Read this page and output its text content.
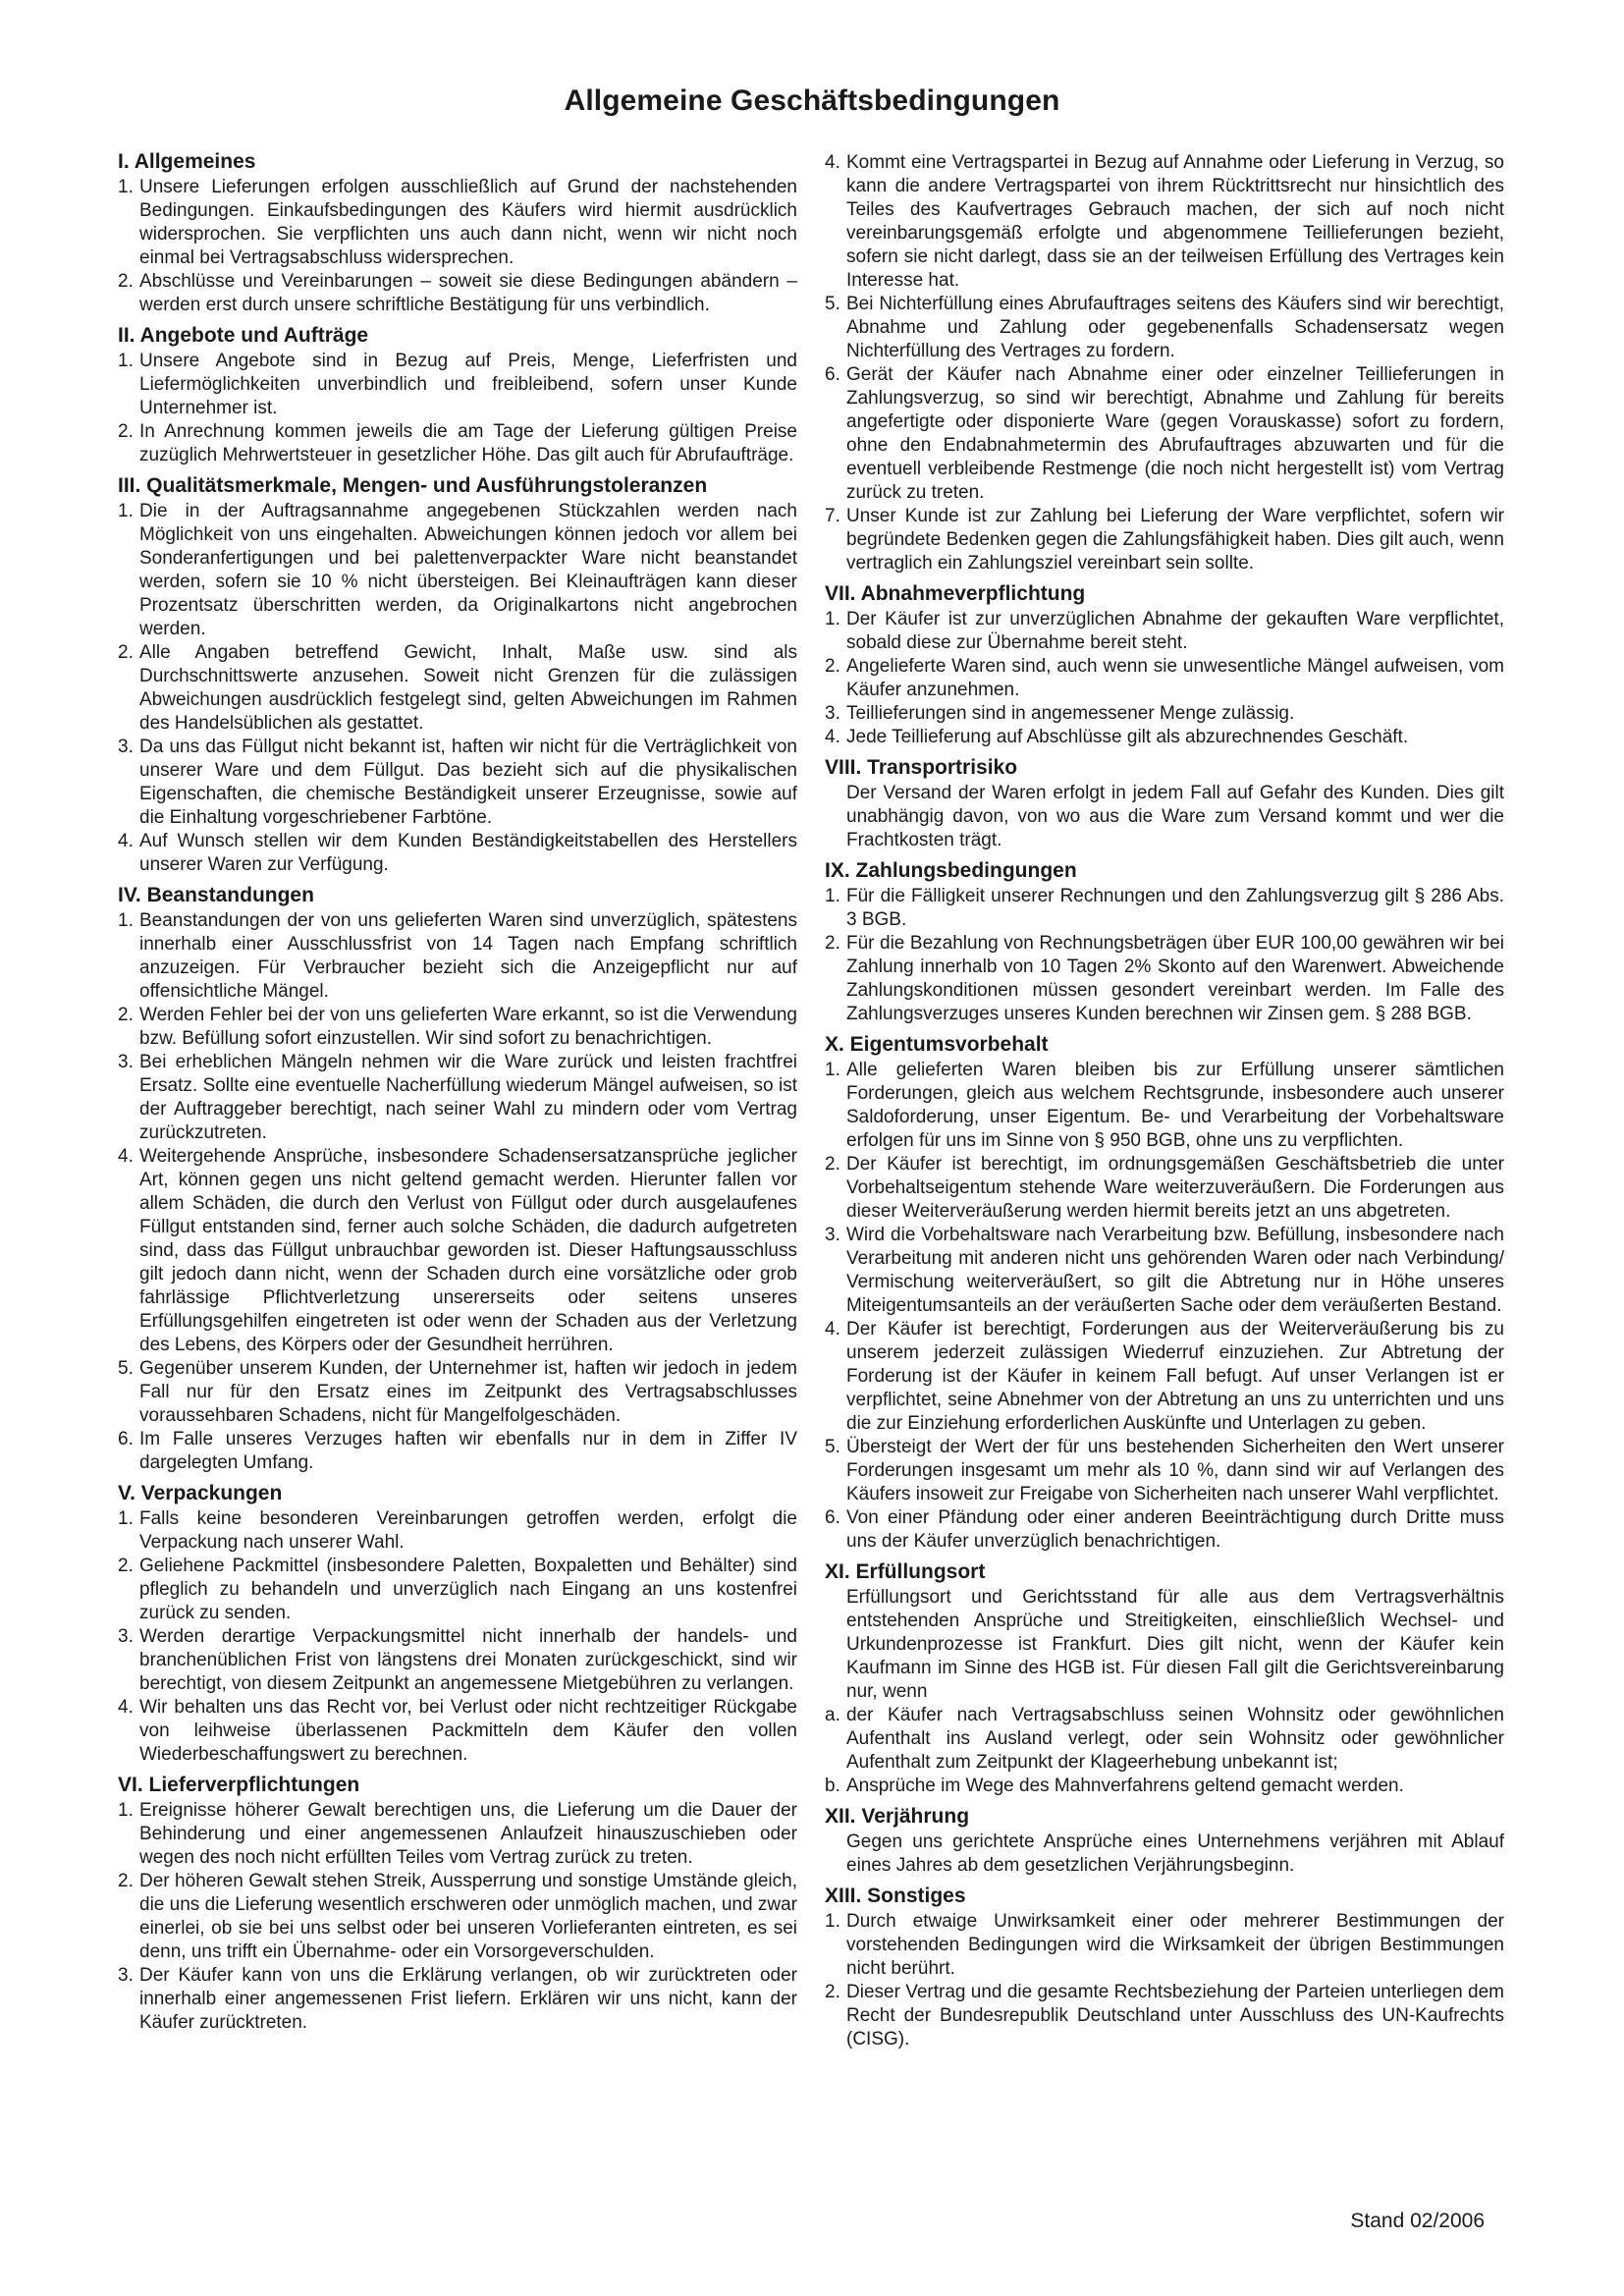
Allgemeine Geschäftsbedingungen
I. Allgemeines
1. Unsere Lieferungen erfolgen ausschließlich auf Grund der nachstehenden Bedingungen. Einkaufsbedingungen des Käufers wird hiermit ausdrücklich widersprochen. Sie verpflichten uns auch dann nicht, wenn wir nicht noch einmal bei Vertragsabschluss widersprechen.
2. Abschlüsse und Vereinbarungen – soweit sie diese Bedingungen abändern – werden erst durch unsere schriftliche Bestätigung für uns verbindlich.
II. Angebote und Aufträge
1. Unsere Angebote sind in Bezug auf Preis, Menge, Lieferfristen und Liefermöglichkeiten unverbindlich und freibleibend, sofern unser Kunde Unternehmer ist.
2. In Anrechnung kommen jeweils die am Tage der Lieferung gültigen Preise zuzüglich Mehrwertsteuer in gesetzlicher Höhe. Das gilt auch für Abrufaufträge.
III. Qualitätsmerkmale, Mengen- und Ausführungstoleranzen
1. Die in der Auftragsannahme angegebenen Stückzahlen werden nach Möglichkeit von uns eingehalten. Abweichungen können jedoch vor allem bei Sonderanfertigungen und bei palettenverpackter Ware nicht beanstandet werden, sofern sie 10 % nicht übersteigen. Bei Kleinaufträgen kann dieser Prozentsatz überschritten werden, da Originalkartons nicht angebrochen werden.
2. Alle Angaben betreffend Gewicht, Inhalt, Maße usw. sind als Durchschnittswerte anzusehen. Soweit nicht Grenzen für die zulässigen Abweichungen ausdrücklich festgelegt sind, gelten Abweichungen im Rahmen des Handelsüblichen als gestattet.
3. Da uns das Füllgut nicht bekannt ist, haften wir nicht für die Verträglichkeit von unserer Ware und dem Füllgut. Das bezieht sich auf die physikalischen Eigenschaften, die chemische Beständigkeit unserer Erzeugnisse, sowie auf die Einhaltung vorgeschriebener Farbtöne.
4. Auf Wunsch stellen wir dem Kunden Beständigkeitstabellen des Herstellers unserer Waren zur Verfügung.
IV. Beanstandungen
1. Beanstandungen der von uns gelieferten Waren sind unverzüglich, spätestens innerhalb einer Ausschlussfrist von 14 Tagen nach Empfang schriftlich anzuzeigen. Für Verbraucher bezieht sich die Anzeigepflicht nur auf offensichtliche Mängel.
2. Werden Fehler bei der von uns gelieferten Ware erkannt, so ist die Verwendung bzw. Befüllung sofort einzustellen. Wir sind sofort zu benachrichtigen.
3. Bei erheblichen Mängeln nehmen wir die Ware zurück und leisten frachtfrei Ersatz. Sollte eine eventuelle Nacherfüllung wiederum Mängel aufweisen, so ist der Auftraggeber berechtigt, nach seiner Wahl zu mindern oder vom Vertrag zurückzutreten.
4. Weitergehende Ansprüche, insbesondere Schadensersatzansprüche jeglicher Art, können gegen uns nicht geltend gemacht werden. Hierunter fallen vor allem Schäden, die durch den Verlust von Füllgut oder durch ausgelaufenes Füllgut entstanden sind, ferner auch solche Schäden, die dadurch aufgetreten sind, dass das Füllgut unbrauchbar geworden ist. Dieser Haftungsausschluss gilt jedoch dann nicht, wenn der Schaden durch eine vorsätzliche oder grob fahrlässige Pflichtverletzung unsererseits oder seitens unseres Erfüllungsgehilfen eingetreten ist oder wenn der Schaden aus der Verletzung des Lebens, des Körpers oder der Gesundheit herrühren.
5. Gegenüber unserem Kunden, der Unternehmer ist, haften wir jedoch in jedem Fall nur für den Ersatz eines im Zeitpunkt des Vertragsabschlusses voraussehbaren Schadens, nicht für Mangelfolgeschäden.
6. Im Falle unseres Verzuges haften wir ebenfalls nur in dem in Ziffer IV dargelegten Umfang.
V. Verpackungen
1. Falls keine besonderen Vereinbarungen getroffen werden, erfolgt die Verpackung nach unserer Wahl.
2. Geliehene Packmittel (insbesondere Paletten, Boxpaletten und Behälter) sind pfleglich zu behandeln und unverzüglich nach Eingang an uns kostenfrei zurück zu senden.
3. Werden derartige Verpackungsmittel nicht innerhalb der handels- und branchenüblichen Frist von längstens drei Monaten zurückgeschickt, sind wir berechtigt, von diesem Zeitpunkt an angemessene Mietgebühren zu verlangen.
4. Wir behalten uns das Recht vor, bei Verlust oder nicht rechtzeitiger Rückgabe von leihweise überlassenen Packmitteln dem Käufer den vollen Wiederbeschaffungswert zu berechnen.
VI. Lieferverpflichtungen
1. Ereignisse höherer Gewalt berechtigen uns, die Lieferung um die Dauer der Behinderung und einer angemessenen Anlaufzeit hinauszuschieben oder wegen des noch nicht erfüllten Teiles vom Vertrag zurück zu treten.
2. Der höheren Gewalt stehen Streik, Aussperrung und sonstige Umstände gleich, die uns die Lieferung wesentlich erschweren oder unmöglich machen, und zwar einerlei, ob sie bei uns selbst oder bei unseren Vorlieferanten eintreten, es sei denn, uns trifft ein Übernahme- oder ein Vorsorgeverschulden.
3. Der Käufer kann von uns die Erklärung verlangen, ob wir zurücktreten oder innerhalb einer angemessenen Frist liefern. Erklären wir uns nicht, kann der Käufer zurücktreten.
4. Kommt eine Vertragspartei in Bezug auf Annahme oder Lieferung in Verzug, so kann die andere Vertragspartei von ihrem Rücktrittsrecht nur hinsichtlich des Teiles des Kaufvertrages Gebrauch machen, der sich auf noch nicht vereinbarungsgemäß erfolgte und abgenommene Teillieferungen bezieht, sofern sie nicht darlegt, dass sie an der teilweisen Erfüllung des Vertrages kein Interesse hat.
5. Bei Nichterfüllung eines Abrufauftrages seitens des Käufers sind wir berechtigt, Abnahme und Zahlung oder gegebenenfalls Schadensersatz wegen Nichterfüllung des Vertrages zu fordern.
6. Gerät der Käufer nach Abnahme einer oder einzelner Teillieferungen in Zahlungsverzug, so sind wir berechtigt, Abnahme und Zahlung für bereits angefertigte oder disponierte Ware (gegen Vorauskasse) sofort zu fordern, ohne den Endabnahmetermin des Abrufauftrages abzuwarten und für die eventuell verbleibende Restmenge (die noch nicht hergestellt ist) vom Vertrag zurück zu treten.
7. Unser Kunde ist zur Zahlung bei Lieferung der Ware verpflichtet, sofern wir begründete Bedenken gegen die Zahlungsfähigkeit haben. Dies gilt auch, wenn vertraglich ein Zahlungsziel vereinbart sein sollte.
VII. Abnahmeverpflichtung
1. Der Käufer ist zur unverzüglichen Abnahme der gekauften Ware verpflichtet, sobald diese zur Übernahme bereit steht.
2. Angelieferte Waren sind, auch wenn sie unwesentliche Mängel aufweisen, vom Käufer anzunehmen.
3. Teillieferungen sind in angemessener Menge zulässig.
4. Jede Teillieferung auf Abschlüsse gilt als abzurechnendes Geschäft.
VIII. Transportrisiko

Der Versand der Waren erfolgt in jedem Fall auf Gefahr des Kunden. Dies gilt unabhängig davon, von wo aus die Ware zum Versand kommt und wer die Frachtkosten trägt.

IX. Zahlungsbedingungen
1. Für die Fälligkeit unserer Rechnungen und den Zahlungsverzug gilt § 286 Abs. 3 BGB.
2. Für die Bezahlung von Rechnungsbeträgen über EUR 100,00 gewähren wir bei Zahlung innerhalb von 10 Tagen 2% Skonto auf den Warenwert. Abweichende Zahlungskonditionen müssen gesondert vereinbart werden. Im Falle des Zahlungsverzuges unseres Kunden berechnen wir Zinsen gem. § 288 BGB.
X. Eigentumsvorbehalt
1. Alle gelieferten Waren bleiben bis zur Erfüllung unserer sämtlichen Forderungen, gleich aus welchem Rechtsgrunde, insbesondere auch unserer Saldoforderung, unser Eigentum. Be- und Verarbeitung der Vorbehaltsware erfolgen für uns im Sinne von § 950 BGB, ohne uns zu verpflichten.
2. Der Käufer ist berechtigt, im ordnungsgemäßen Geschäftsbetrieb die unter Vorbehaltseigentum stehende Ware weiterzuveräußern. Die Forderungen aus dieser Weiterveräußerung werden hiermit bereits jetzt an uns abgetreten.
3. Wird die Vorbehaltsware nach Verarbeitung bzw. Befüllung, insbesondere nach Verarbeitung mit anderen nicht uns gehörenden Waren oder nach Verbindung/ Vermischung weiterveräußert, so gilt die Abtretung nur in Höhe unseres Miteigentumsanteils an der veräußerten Sache oder dem veräußerten Bestand.
4. Der Käufer ist berechtigt, Forderungen aus der Weiterveräußerung bis zu unserem jederzeit zulässigen Wiederruf einzuziehen. Zur Abtretung der Forderung ist der Käufer in keinem Fall befugt. Auf unser Verlangen ist er verpflichtet, seine Abnehmer von der Abtretung an uns zu unterrichten und uns die zur Einziehung erforderlichen Auskünfte und Unterlagen zu geben.
5. Übersteigt der Wert der für uns bestehenden Sicherheiten den Wert unserer Forderungen insgesamt um mehr als 10 %, dann sind wir auf Verlangen des Käufers insoweit zur Freigabe von Sicherheiten nach unserer Wahl verpflichtet.
6. Von einer Pfändung oder einer anderen Beeinträchtigung durch Dritte muss uns der Käufer unverzüglich benachrichtigen.
XI. Erfüllungsort

Erfüllungsort und Gerichtsstand für alle aus dem Vertragsverhältnis entstehenden Ansprüche und Streitigkeiten, einschließlich Wechsel- und Urkundenprozesse ist Frankfurt. Dies gilt nicht, wenn der Käufer kein Kaufmann im Sinne des HGB ist. Für diesen Fall gilt die Gerichtsvereinbarung nur, wenn

a. der Käufer nach Vertragsabschluss seinen Wohnsitz oder gewöhnlichen Aufenthalt ins Ausland verlegt, oder sein Wohnsitz oder gewöhnlicher Aufenthalt zum Zeitpunkt der Klageerhebung unbekannt ist;
b. Ansprüche im Wege des Mahnverfahrens geltend gemacht werden.
XII. Verjährung

Gegen uns gerichtete Ansprüche eines Unternehmens verjähren mit Ablauf eines Jahres ab dem gesetzlichen Verjährungsbeginn.

XIII. Sonstiges
1. Durch etwaige Unwirksamkeit einer oder mehrerer Bestimmungen der vorstehenden Bedingungen wird die Wirksamkeit der übrigen Bestimmungen nicht berührt.
2. Dieser Vertrag und die gesamte Rechtsbeziehung der Parteien unterliegen dem Recht der Bundesrepublik Deutschland unter Ausschluss des UN-Kaufrechts (CISG).

Stand 02/2006
